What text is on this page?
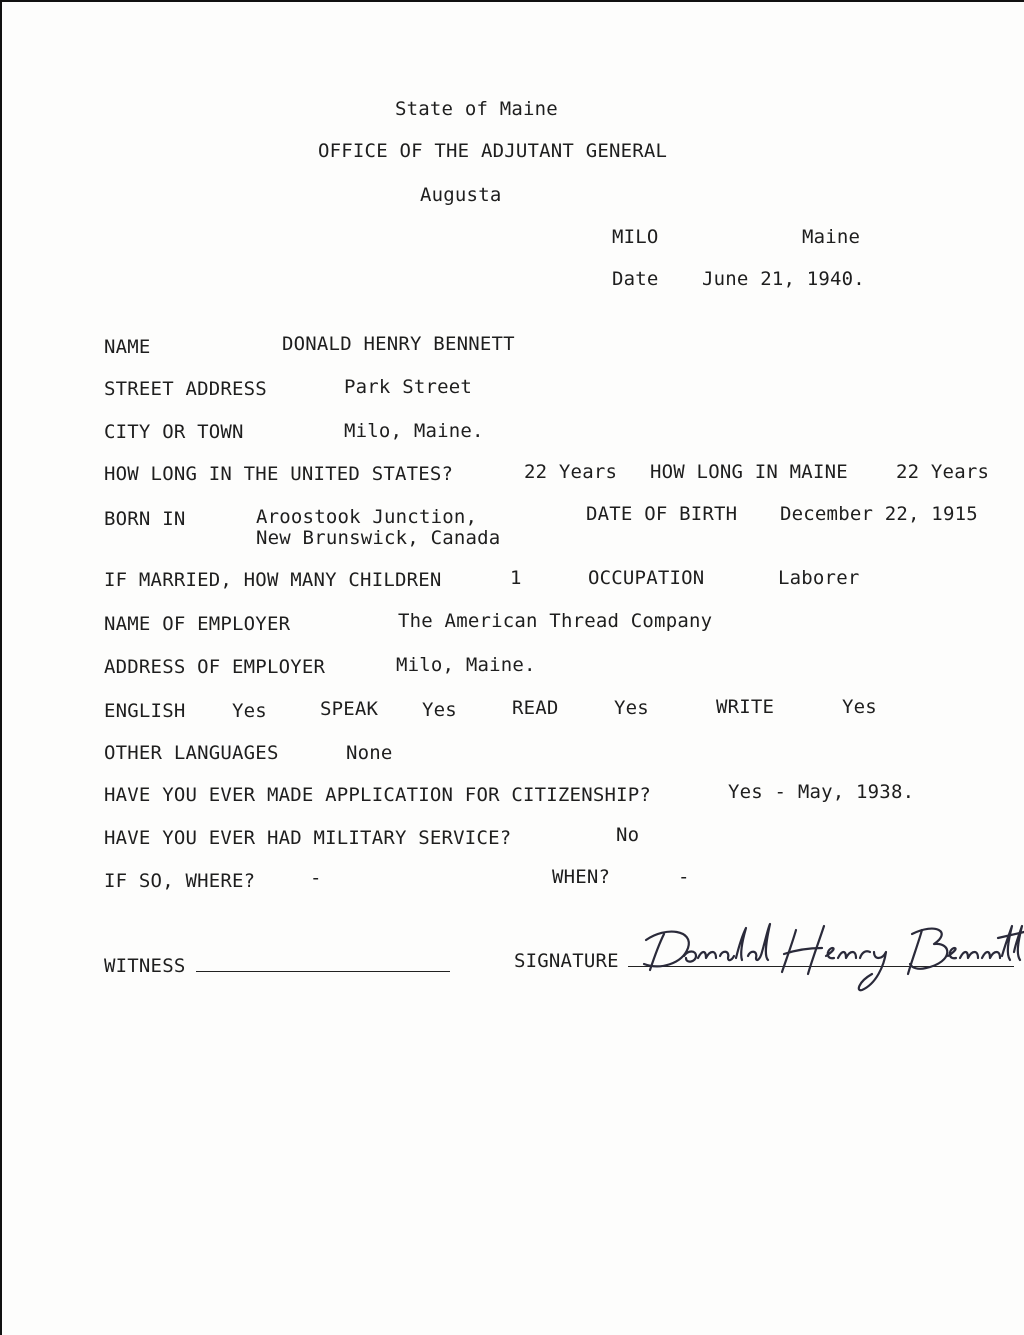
State of Maine
OFFICE OF THE ADJUTANT GENERAL
Augusta
MILO	Maine
Date June 21, 1940.
NAME	DONALD HENRY BENNETT
STREET ADDRESS	Park Street
CITY OR TOWN	Milo, Maine.
HOW LONG IN THE UNITED STATES?	22 Years HOW LONG IN MAINE	22 Years
BORN IN	Aroostook Junction,
New Brunswick, Canada
DATE OF BIRTH December 22, 1915
IF MARRIED, HOW MANY CHILDREN	1	OCCUPATION	Laborer
NAME OF EMPLOYER	The American Thread Company
ADDRESS OF EMPLOYER	Milo, Maine.
ENGLISH Yes	SPEAK Yes	READ	Yes	WRITE	Yes
OTHER LANGUAGES	None
HAVE YOU EVER MADE APPLICATION FOR CITIZENSHIP?	Yes - May, 1938.
HAVE YOU EVER HAD MILITARY SERVICE?	No
IF SO, WHERE?	-	WHEN?	-
WITNESS	SIGNATURE
